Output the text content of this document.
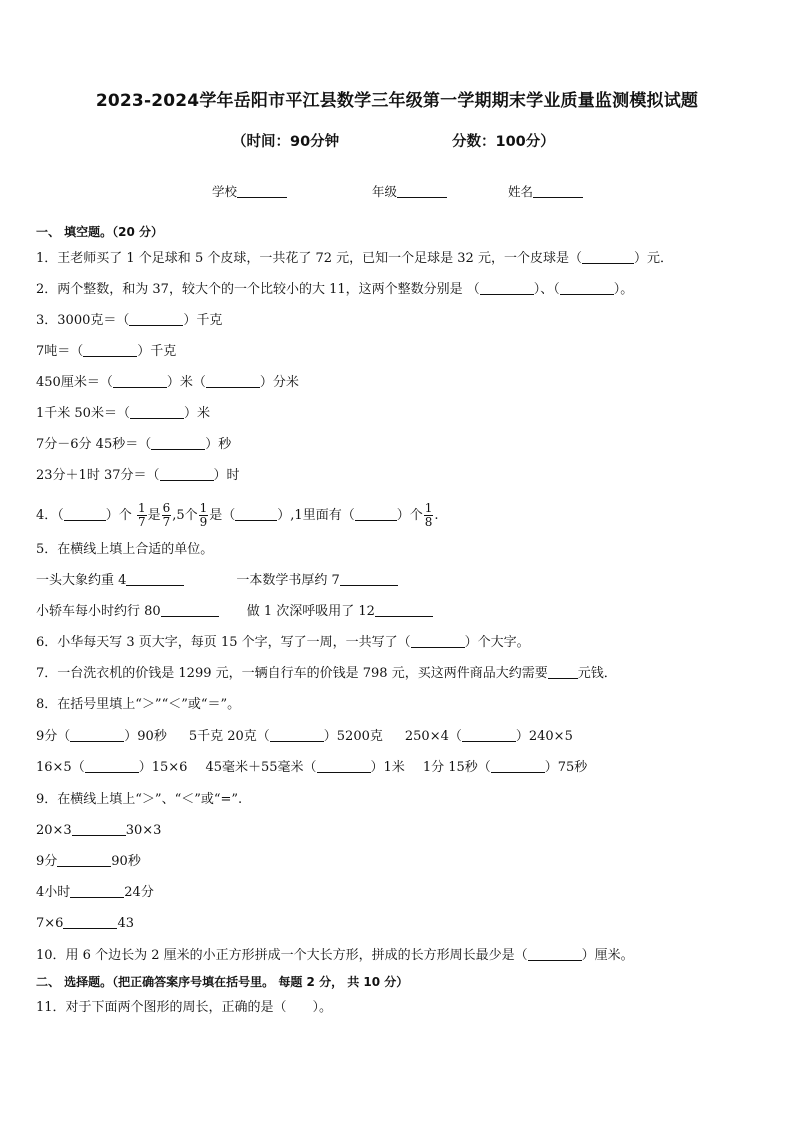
2023-2024学年岳阳市平江县数学三年级第一学期期末学业质量监测模拟试题
（时间：90分钟	分数：100分）
学校	年级	姓名
一、 填空题。（20 分）
1．王老师买了 1 个足球和 5 个皮球，一共花了 72 元，已知一个足球是 32 元，一个皮球是（	）元．
2．两个整数，和为 37，较大个的一个比较小的大 11，这两个整数分别是 （	）、（	）。
3．3000克＝（	）千克
7吨＝（	）千克
450厘米＝（	）米（	）分米
1千米 50米＝（	）米
7分－6分 45秒＝（	）秒
23分＋1时 37分＝（	）时
4．（	）个 $\frac{1}{7}$ 是 $\frac{6}{7} ,5$个 $\frac{1}{9}$ 是（	）,1里面有（	）个 $\frac{1}{8}$ .
5．在横线上填上合适的单位。
一头大象约重 4	一本数学书厚约 7
小轿车每小时约行 80	做 1 次深呼吸用了 12
6．小华每天写 3 页大字，每页 15 个字，写了一周，一共写了（	）个大字。
7．一台洗衣机的价钱是 1299 元，一辆自行车的价钱是 798 元，买这两件商品大约需要 元钱．
8．在括号里填上“＞”“＜”或“＝”。
9分（	）90秒 5千克 20克（	）5200克 250×4（	）240×5
16×5（	）15×6 45毫米＋55毫米（	）1米 1分 15秒（	）75秒
9．在横线上填上“＞”、“＜”或“=”.
20×3	30×3
9分	90秒
4小时	24分
7×6	43
10．用 6 个边长为 2 厘米的小正方形拼成一个大长方形，拼成的长方形周长最少是（	）厘米。
二、 选择题。（把正确答案序号填在括号里。 每题 2 分， 共 10 分）
11．对于下面两个图形的周长，正确的是（　　）。
